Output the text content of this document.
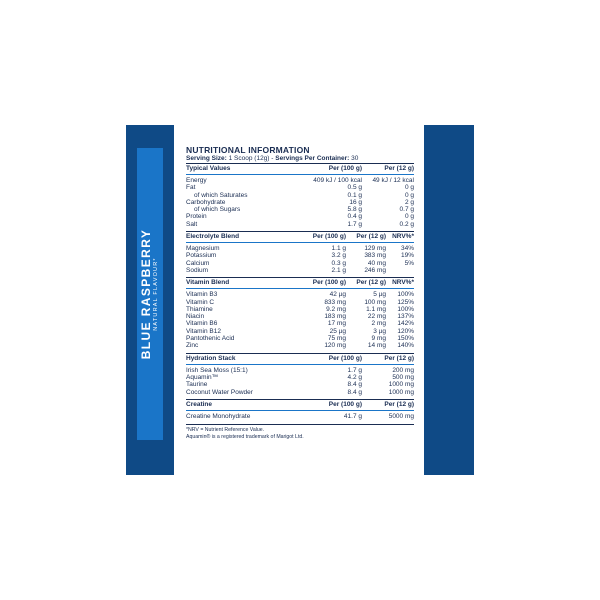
BLUE RASPBERRY NATURAL FLAVOUR*
NUTRITIONAL INFORMATION
Serving Size: 1 Scoop (12g) - Servings Per Container: 30
Typical Values	Per (100 g)	Per (12 g)
Energy	409 kJ / 100 kcal	49 kJ / 12 kcal
Fat	0.5 g	0 g
of which Saturates	0.1 g	0 g
Carbohydrate	16 g	2 g
of which Sugars	5.8 g	0.7 g
Protein	0.4 g	0 g
Salt	1.7 g	0.2 g
Electrolyte Blend	Per (100 g)	Per (12 g) NRV%*
Magnesium	1.1 g	129 mg	34%
Potassium	3.2 g	383 mg	19%
Calcium	0.3 g	40 mg	5%
Sodium	2.1 g	246 mg
Vitamin Blend	Per (100 g)	Per (12 g) NRV%*
Vitamin B3	42 µg	5 µg	100%
Vitamin C	833 mg	100 mg	125%
Thiamine	9.2 mg	1.1 mg	100%
Niacin	183 mg	22 mg	137%
Vitamin B6	17 mg	2 mg	142%
Vitamin B12	25 µg	3 µg	120%
Pantothenic Acid	75 mg	9 mg	150%
Zinc	120 mg	14 mg	140%
Hydration Stack	Per (100 g)	Per (12 g)
Irish Sea Moss (15:1)	1.7 g	200 mg
Aquamin™	4.2 g	500 mg
Taurine	8.4 g	1000 mg
Coconut Water Powder	8.4 g	1000 mg
Creatine	Per (100 g)	Per (12 g)
Creatine Monohydrate	41.7 g	5000 mg
*NRV = Nutrient Reference Value.
Aquamin® is a registered trademark of Marigot Ltd.
